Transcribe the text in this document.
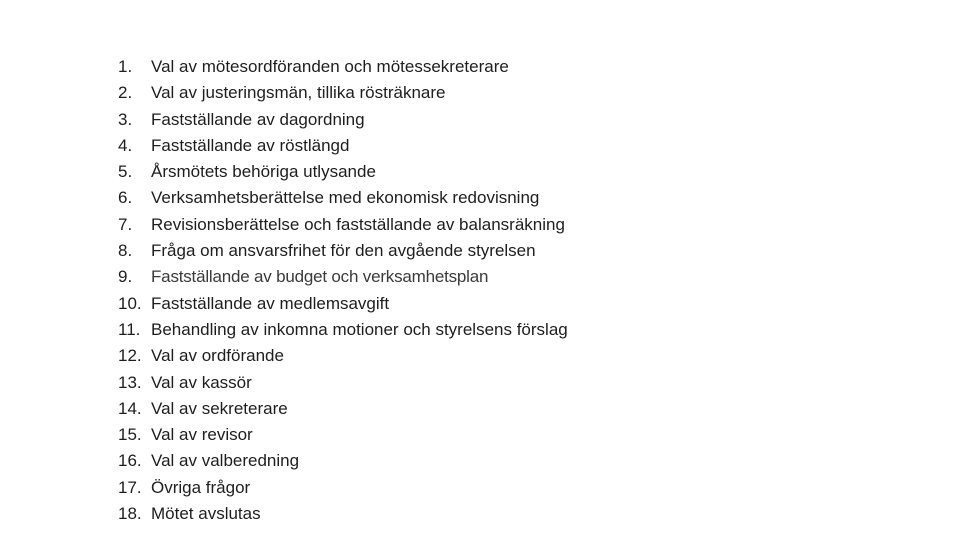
1.	Val av mötesordföranden och mötessekreterare
2.	Val av justeringsmän, tillika rösträknare
3.	Fastställande av dagordning
4.	Fastställande av röstlängd
5.	Årsmötets behöriga utlysande
6.	Verksamhetsberättelse med ekonomisk redovisning
7.	Revisionsberättelse och fastställande av balansräkning
8.	Fråga om ansvarsfrihet för den avgående styrelsen
9.	Fastställande av budget och verksamhetsplan
10. Fastställande av medlemsavgift
11. Behandling av inkomna motioner och styrelsens förslag
12. Val av ordförande
13. Val av kassör
14. Val av sekreterare
15. Val av revisor
16. Val av valberedning
17. Övriga frågor
18. Mötet avslutas
